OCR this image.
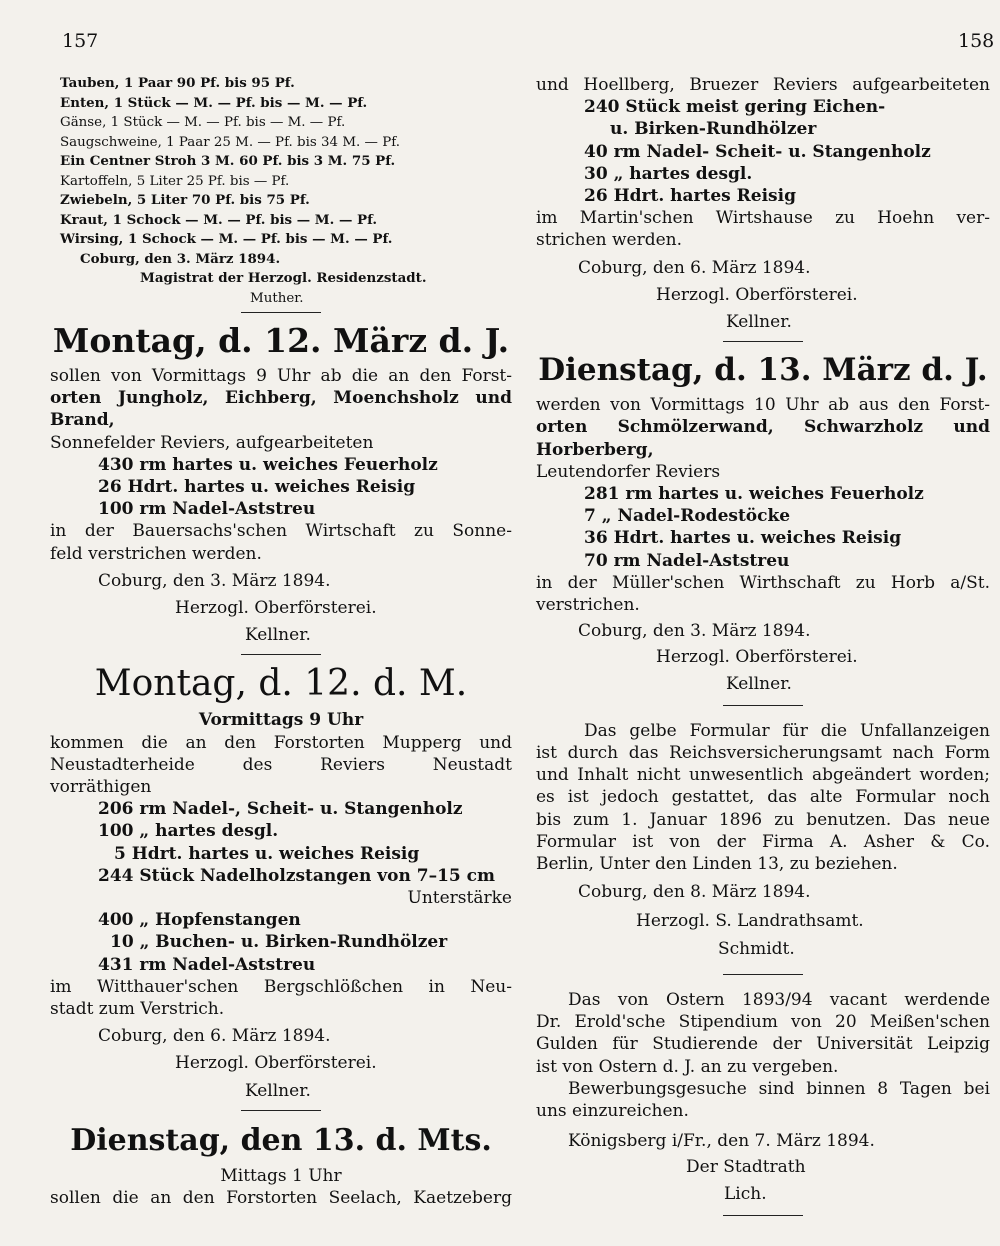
157	158
Tauben, 1 Paar 90 Pf. bis 95 Pf.
Enten, 1 Stück — M. — Pf. bis — M. — Pf.
Gänse, 1 Stück — M. — Pf. bis — M. — Pf.
Saugschweine, 1 Paar 25 M. — Pf. bis 34 M. — Pf.
Ein Centner Stroh 3 M. 60 Pf. bis 3 M. 75 Pf.
Kartoffeln, 5 Liter 25 Pf. bis — Pf.
Zwiebeln, 5 Liter 70 Pf. bis 75 Pf.
Kraut, 1 Schock — M. — Pf. bis — M. — Pf.
Wirsing, 1 Schock — M. — Pf. bis — M. — Pf.
Coburg, den 3. März 1894.
Magistrat der Herzogl. Residenzstadt.
Muther.
Montag, d. 12. März d. J.
sollen von Vormittags 9 Uhr ab die an den Forst-
orten Jungholz, Eichberg, Moenchsholz und Brand,
Sonnefelder Reviers, aufgearbeiteten
430 rm hartes u. weiches Feuerholz
26 Hdrt. hartes u. weiches Reisig
100 rm Nadel-Aststreu
in der Bauersachs'schen Wirtschaft zu Sonne-
feld verstrichen werden.
Coburg, den 3. März 1894.
Herzogl. Oberförsterei.
Kellner.
Montag, d. 12. d. M.
Vormittags 9 Uhr
kommen die an den Forstorten Mupperg und
Neustadterheide des Reviers Neustadt
vorräthigen
206 rm Nadel-, Scheit- u. Stangenholz
100 „ hartes desgl.
5 Hdrt. hartes u. weiches Reisig
244 Stück Nadelholzstangen von 7–15 cm
Unterstärke
400 „ Hopfenstangen
10 „ Buchen- u. Birken-Rundhölzer
431 rm Nadel-Aststreu
im Witthauer'schen Bergschlößchen in Neu-
stadt zum Verstrich.
Coburg, den 6. März 1894.
Herzogl. Oberförsterei.
Kellner.
Dienstag, den 13. d. Mts.
Mittags 1 Uhr
sollen die an den Forstorten Seelach, Kaetzeberg
und Hoellberg, Bruezer Reviers aufgearbeiteten
240 Stück meist gering Eichen-
u. Birken-Rundhölzer
40 rm Nadel- Scheit- u. Stangenholz
30 „ hartes desgl.
26 Hdrt. hartes Reisig
im Martin'schen Wirtshause zu Hoehn ver-
strichen werden.
Coburg, den 6. März 1894.
Herzogl. Oberförsterei.
Kellner.
Dienstag, d. 13. März d. J.
werden von Vormittags 10 Uhr ab aus den Forst-
orten Schmölzerwand, Schwarzholz und Horberberg,
Leutendorfer Reviers
281 rm hartes u. weiches Feuerholz
7 „ Nadel-Rodestöcke
36 Hdrt. hartes u. weiches Reisig
70 rm Nadel-Aststreu
in der Müller'schen Wirthschaft zu Horb a/St.
verstrichen.
Coburg, den 3. März 1894.
Herzogl. Oberförsterei.
Kellner.
Das gelbe Formular für die Unfallanzeigen
ist durch das Reichsversicherungsamt nach Form
und Inhalt nicht unwesentlich abgeändert worden;
es ist jedoch gestattet, das alte Formular noch
bis zum 1. Januar 1896 zu benutzen. Das neue
Formular ist von der Firma A. Asher & Co.
Berlin, Unter den Linden 13, zu beziehen.
Coburg, den 8. März 1894.
Herzogl. S. Landrathsamt.
Schmidt.
Das von Ostern 1893/94 vacant werdende
Dr. Erold'sche Stipendium von 20 Meißen'schen
Gulden für Studierende der Universität Leipzig
ist von Ostern d. J. an zu vergeben.
Bewerbungsgesuche sind binnen 8 Tagen bei
uns einzureichen.
Königsberg i/Fr., den 7. März 1894.
Der Stadtrath
Lich.
